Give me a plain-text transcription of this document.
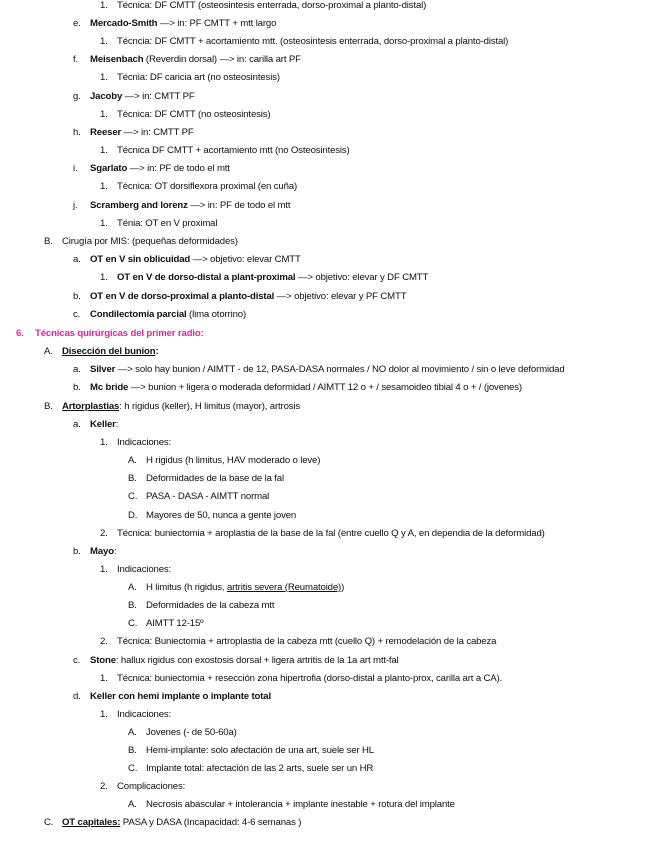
1. Técnica: DF CMTT (osteosintesis enterrada, dorso-proximal a planto-distal)
e. Mercado-Smith —> in: PF CMTT + mtt largo
1. Técncia: DF CMTT + acortamiento mtt. (osteosintesis enterrada, dorso-proximal a planto-distal)
f. Meisenbach (Reverdin dorsal) —> in: carilla art PF
1. Técnia: DF caricia art (no osteosintesis)
g. Jacoby —> in: CMTT PF
1. Técnica: DF CMTT (no osteosintesis)
h. Reeser —> in: CMTT PF
1. Técnica DF CMTT + acortamiento mtt (no Osteosintesis)
i. Sgarlato —> in: PF de todo el mtt
1. Técnica: OT dorsiflexora proximal (en cuña)
j. Scramberg and lorenz —> in: PF de todo el mtt
1. Ténia: OT en V proximal
B. Cirugía por MIS: (pequeñas deformidades)
a. OT en V sin oblicuidad —> objetivo: elevar CMTT
1. OT en V de dorso-distal a plant-proximal —> objetivo: elevar y DF CMTT
b. OT en V de dorso-proximal a planto-distal —> objetivo: elevar y PF CMTT
c. Condilectomía parcial (lima otorrino)
6. Técnicas quirúrgicas del primer radio:
A. Disección del bunion:
a. Silver —> solo hay bunion / AIMTT - de 12, PASA-DASA normales / NO dolor al movimiento / sin o leve deformidad
b. Mc bride —> bunion + ligera o moderada deformidad / AIMTT 12 o + / sesamoideo tibial 4 o + / (jovenes)
B. Artorplastias: h rigidus (keller), H limitus (mayor), artrosis
a. Keller:
1. Indicaciones:
A. H rigidus (h limitus, HAV moderado o leve)
B. Deformidades de la base de la fal
C. PASA - DASA - AIMTT normal
D. Mayores de 50, nunca a gente joven
2. Técnica: buniectomia + aroplastia de la base de la fal (entre cuello Q y A, en dependia de la deformidad)
b. Mayo:
1. Indicaciones:
A. H limitus (h rigidus, artritis severa (Reumatoide))
B. Deformidades de la cabeza mtt
C. AIMTT 12-15º
2. Técnica: Buniectomia + artroplastia de la cabeza mtt (cuello Q) + remodelación de la cabeza
c. Stone: hallux rigidus con exostosis dorsal + ligera artritis de la 1a art mtt-fal
1. Técnica: buniectomia + resección zona hipertrofia (dorso-distal a planto-prox, carilla art a CA).
d. Keller con hemi implante o implante total
1. Indicaciones:
A. Jovenes (- de 50-60a)
B. Hemi-implante: solo afectación de una art, suele ser HL
C. Implante total: afectación de las 2 arts, suele ser un HR
2. Complicaciones:
A. Necrosis abascular + intolerancia + implante inestable + rotura del implante
C. OT capitales: PASA y DASA (Incapacidad: 4-6 semanas )
